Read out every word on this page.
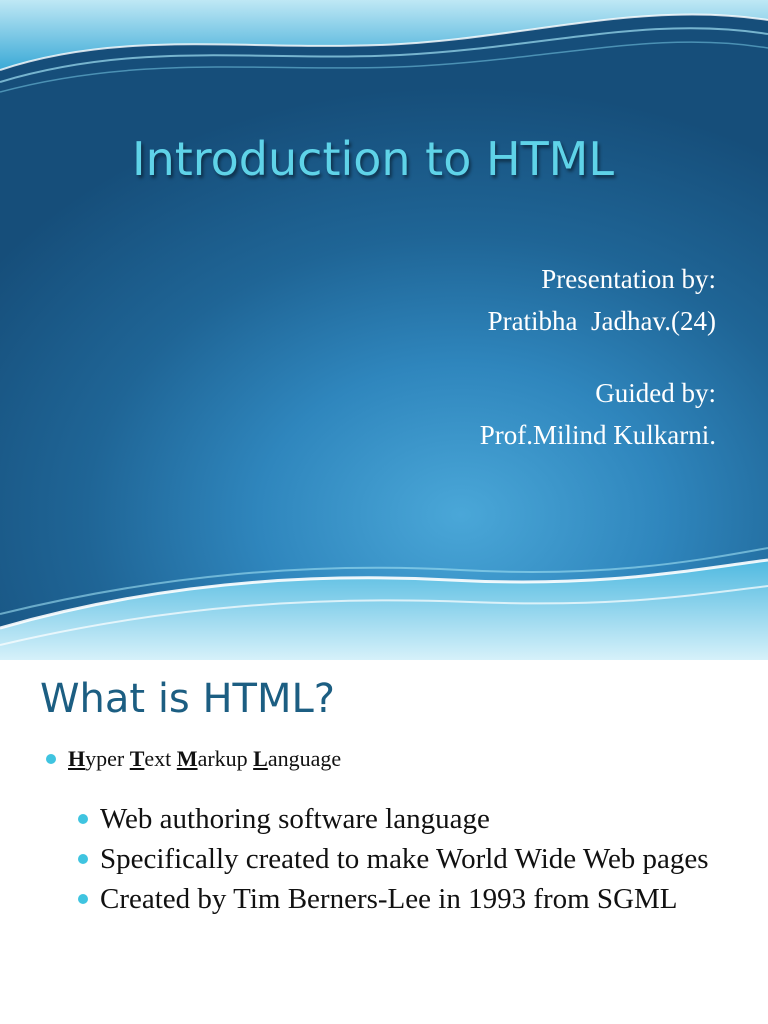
Introduction to HTML
Presentation by:
Pratibha  Jadhav.(24)
Guided by:
Prof.Milind Kulkarni.
What is HTML?
Hyper Text Markup Language
Web authoring software language
Specifically created to make World Wide Web pages
Created by Tim Berners-Lee in 1993 from SGML
